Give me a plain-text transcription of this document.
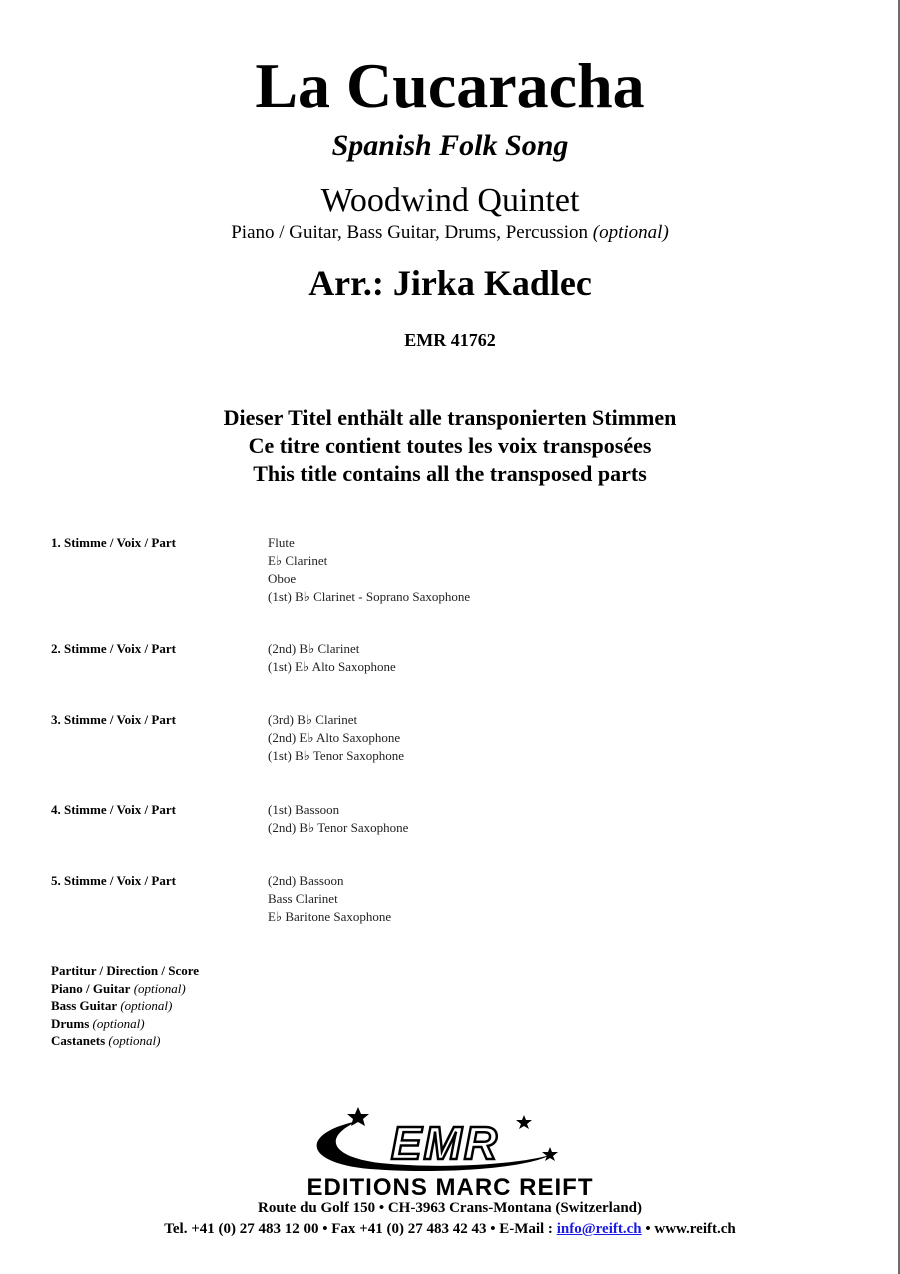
La Cucaracha
Spanish Folk Song
Woodwind Quintet
Piano / Guitar, Bass Guitar, Drums, Percussion (optional)
Arr.: Jirka Kadlec
EMR 41762
Dieser Titel enthält alle transponierten Stimmen
Ce titre contient toutes les voix transposées
This title contains all the transposed parts
1. Stimme / Voix / Part	Flute
E♭ Clarinet
Oboe
(1st) B♭ Clarinet - Soprano Saxophone
2. Stimme / Voix / Part	(2nd) B♭ Clarinet
(1st) E♭ Alto Saxophone
3. Stimme / Voix / Part	(3rd) B♭ Clarinet
(2nd) E♭ Alto Saxophone
(1st) B♭ Tenor Saxophone
4. Stimme / Voix / Part	(1st) Bassoon
(2nd) B♭ Tenor Saxophone
5. Stimme / Voix / Part	(2nd) Bassoon
Bass Clarinet
E♭ Baritone Saxophone
Partitur / Direction / Score
Piano / Guitar (optional)
Bass Guitar (optional)
Drums (optional)
Castanets (optional)
EMR
EDITIONS MARC REIFT
Route du Golf 150 • CH-3963 Crans-Montana (Switzerland)
Tel. +41 (0) 27 483 12 00 • Fax +41 (0) 27 483 42 43 • E-Mail : info@reift.ch • www.reift.ch
